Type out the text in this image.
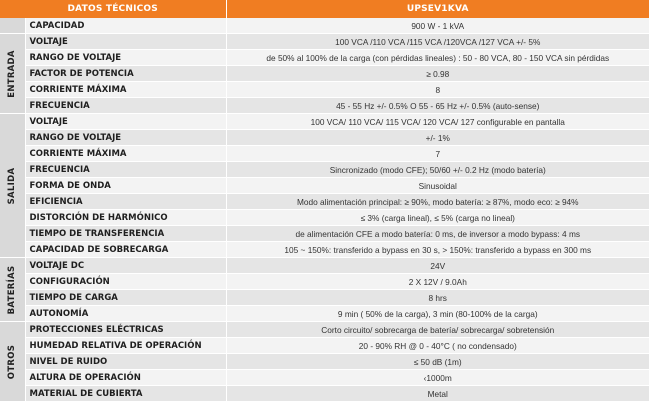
DATOS TÉCNICOS		UPSEV1KVA
	CAPACIDAD	900 W - 1 kVA

ENTRADA	VOLTAJE	100 VCA /110 VCA /115 VCA /120VCA /127 VCA +/- 5%
	RANGO DE VOLTAJE	de 50% al 100% de la carga (con pérdidas lineales) : 50 - 80 VCA, 80 - 150 VCA sin pérdidas
	FACTOR DE POTENCIA	≥ 0.98
	CORRIENTE MÁXIMA	8
	FRECUENCIA	45 - 55 Hz +/- 0.5% O 55 - 65 Hz +/- 0.5% (auto-sense)

SALIDA	VOLTAJE	100 VCA/ 110 VCA/ 115 VCA/ 120 VCA/ 127 configurable en pantalla
	RANGO DE VOLTAJE	+/- 1%
	CORRIENTE MÁXIMA	7
	FRECUENCIA	Sincronizado (modo CFE); 50/60 +/- 0.2 Hz (modo batería)
	FORMA DE ONDA	Sinusoidal
	EFICIENCIA	Modo alimentación principal: ≥ 90%, modo batería: ≥ 87%, modo eco: ≥ 94%
	DISTORCIÓN DE HARMÓNICO	≤ 3% (carga lineal), ≤ 5% (carga no lineal)
	TIEMPO DE TRANSFERENCIA	de alimentación CFE a modo batería: 0 ms, de inversor a modo bypass: 4 ms
	CAPACIDAD DE SOBRECARGA	105 ~ 150%: transferido a bypass en 30 s, > 150%: transferido a bypass en 300 ms

BATERÍAS	VOLTAJE DC	24V
	CONFIGURACIÓN	2 X 12V / 9.0Ah
	TIEMPO DE CARGA	8 hrs
	AUTONOMÍA	9 min ( 50% de la carga), 3 min (80-100% de la carga)

OTROS	PROTECCIONES ELÉCTRICAS	Corto circuito/ sobrecarga de batería/ sobrecarga/ sobretensión
	HUMEDAD RELATIVA DE OPERACIÓN	20 - 90% RH @ 0 - 40°C ( no condensado)
	NIVEL DE RUIDO	≤ 50 dB (1m)
	ALTURA DE OPERACIÓN	‹1000m
	MATERIAL DE CUBIERTA	Metal
